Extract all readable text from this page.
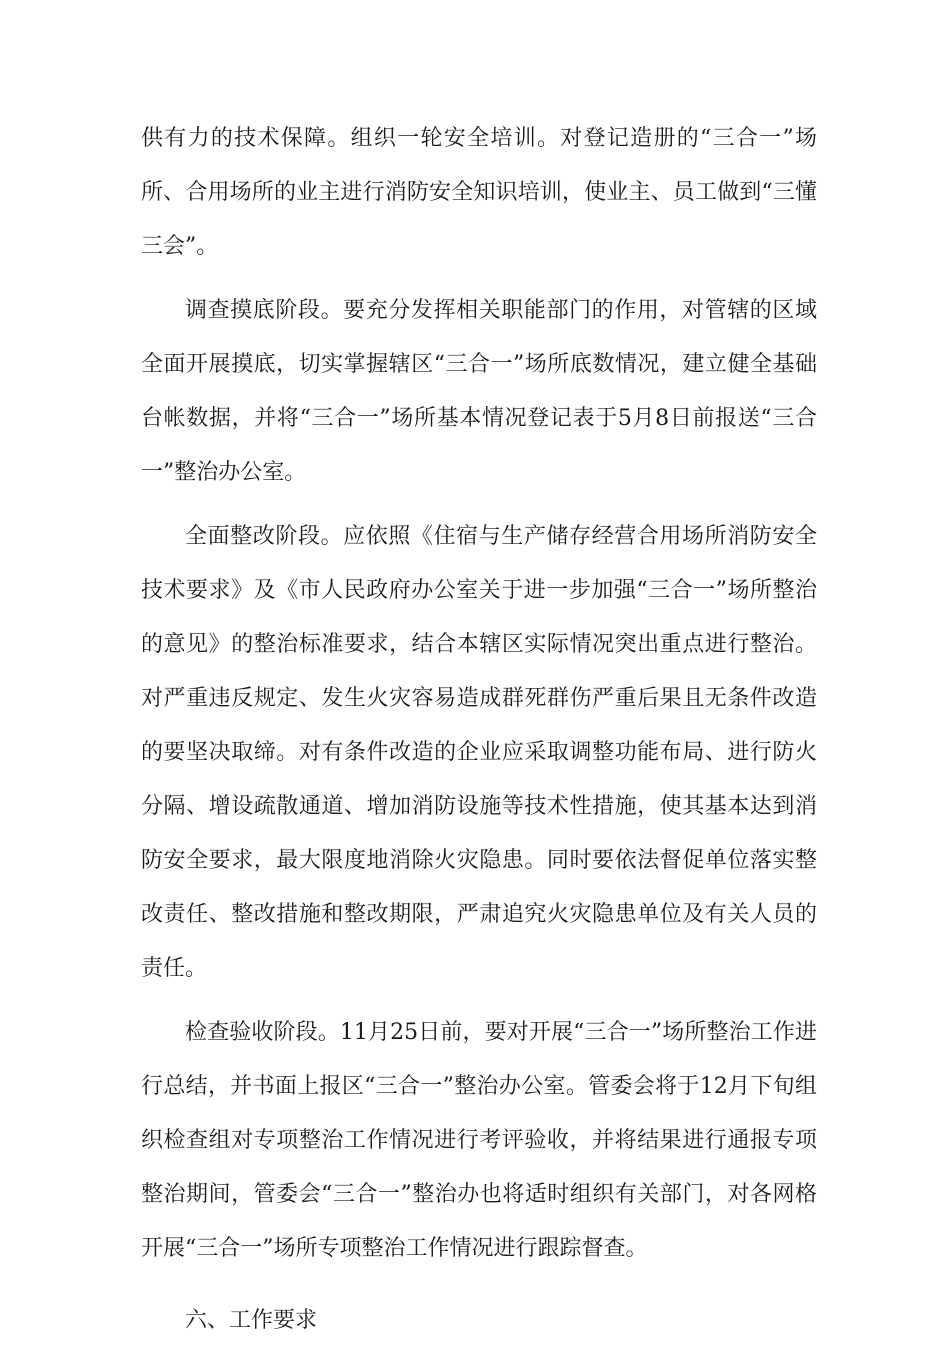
供有力的技术保障。组织一轮安全培训。对登记造册的“三合一”场所、合用场所的业主进行消防安全知识培训，使业主、员工做到“三懂三会”。

调查摸底阶段。要充分发挥相关职能部门的作用，对管辖的区域全面开展摸底，切实掌握辖区“三合一”场所底数情况，建立健全基础台帐数据，并将“三合一”场所基本情况登记表于5月8日前报送“三合一”整治办公室。

全面整改阶段。应依照《住宿与生产储存经营合用场所消防安全技术要求》及《市人民政府办公室关于进一步加强“三合一”场所整治的意见》的整治标准要求，结合本辖区实际情况突出重点进行整治。对严重违反规定、发生火灾容易造成群死群伤严重后果且无条件改造的要坚决取缔。对有条件改造的企业应采取调整功能布局、进行防火分隔、增设疏散通道、增加消防设施等技术性措施，使其基本达到消防安全要求，最大限度地消除火灾隐患。同时要依法督促单位落实整改责任、整改措施和整改期限，严肃追究火灾隐患单位及有关人员的责任。

检查验收阶段。11月25日前，要对开展“三合一”场所整治工作进行总结，并书面上报区“三合一”整治办公室。管委会将于12月下旬组织检查组对专项整治工作情况进行考评验收，并将结果进行通报专项整治期间，管委会“三合一”整治办也将适时组织有关部门，对各网格开展“三合一”场所专项整治工作情况进行跟踪督查。

六、工作要求
